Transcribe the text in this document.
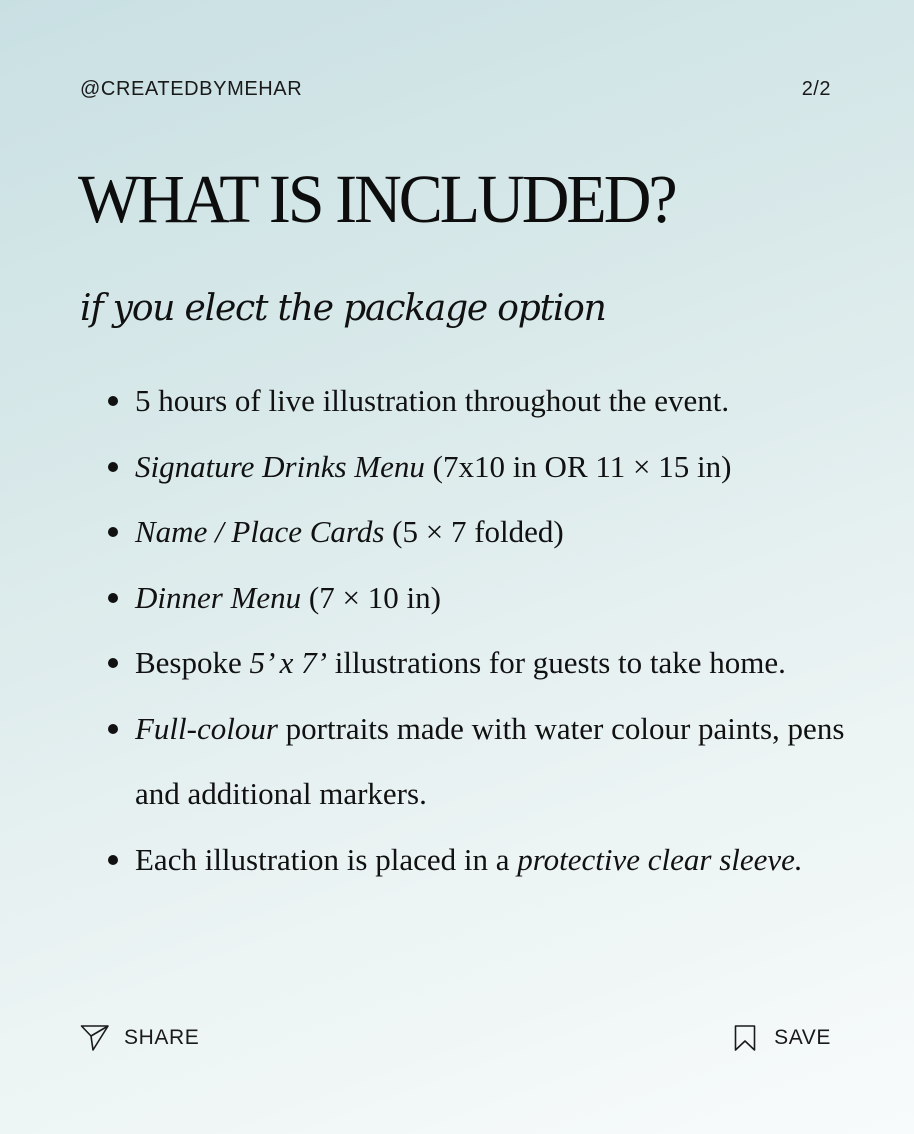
@CREATEDBYMEHAR	2/2
WHAT IS INCLUDED?
if you elect the package option
5 hours of live illustration throughout the event.
Signature Drinks Menu (7x10 in OR 11 × 15 in)
Name / Place Cards (5 × 7 folded)
Dinner Menu (7 × 10 in)
Bespoke 5’ x 7’ illustrations for guests to take home.
Full-colour portraits made with water colour paints, pens and additional markers.
Each illustration is placed in a protective clear sleeve.
SHARE	SAVE
